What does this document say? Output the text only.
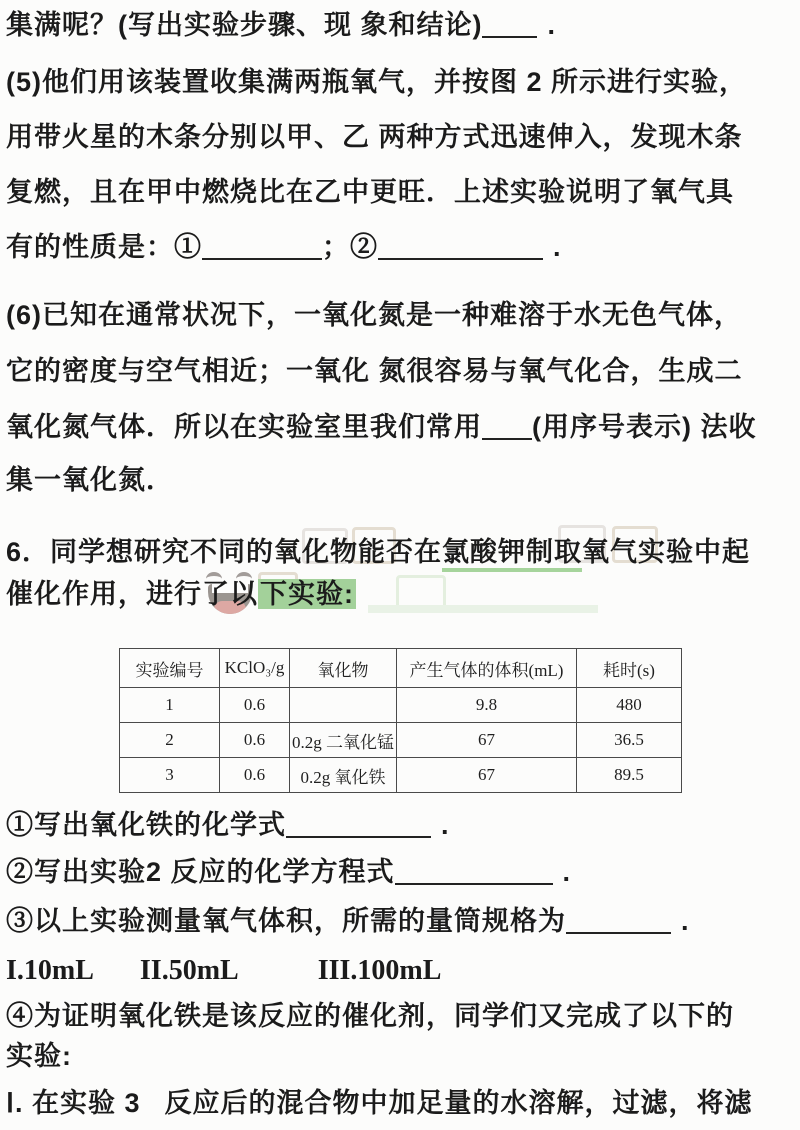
集满呢？(写出实验步骤、现 象和结论) .
(5)他们用该装置收集满两瓶氧气，并按图 2 所示进行实验，
用带火星的木条分别以甲、乙 两种方式迅速伸入，发现木条
复燃，且在甲中燃烧比在乙中更旺．上述实验说明了氧气具
有的性质是：①	；②	.
(6)已知在通常状况下，一氧化氮是一种难溶于水无色气体，
它的密度与空气相近；一氧化 氮很容易与氧气化合，生成二
氧化氮气体．所以在实验室里我们常用 (用序号表示) 法收
集一氧化氮．
6．同学想研究不同的氧化物能否在氯酸钾制取氧气实验中起
催化作用，进行了以下实验:
实验编号	KClO₃/g	氧化物	产生气体的体积(mL)	耗时(s)
1	0.6		9.8	480
2	0.6	0.2g 二氧化锰	67	36.5
3	0.6	0.2g 氧化铁	67	89.5
①写出氧化铁的化学式	.
②写出实验2 反应的化学方程式	.
③以上实验测量氧气体积，所需的量筒规格为	.
I.10mL II.50mL	III.100mL
④为证明氧化铁是该反应的催化剂，同学们又完成了以下的
实验:
Ⅰ. 在实验 3 反应后的混合物中加足量的水溶解，过滤，将滤
